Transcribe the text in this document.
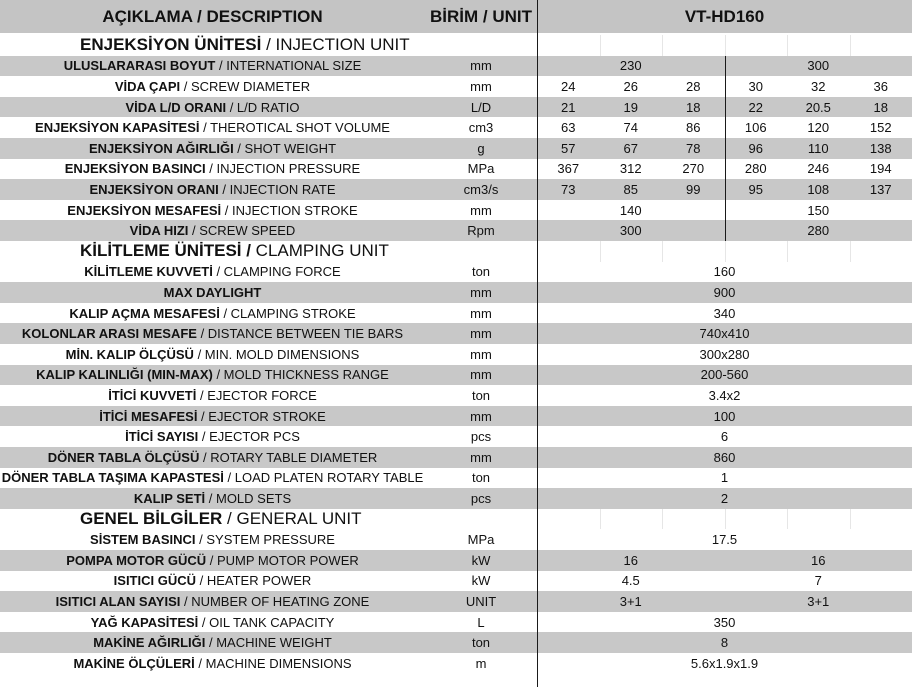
AÇIKLAMA / DESCRIPTION	BİRİM / UNIT	VT-HD160
ENJEKSİYON ÜNİTESİ / INJECTION UNIT
ULUSLARARASI BOYUT / INTERNATIONAL SIZE	mm	230	300
VİDA ÇAPI / SCREW DIAMETER	mm	24	26	28	30	32	36
VİDA L/D ORANI / L/D RATIO	L/D	21	19	18	22	20.5	18
ENJEKSİYON KAPASİTESİ / THEROTICAL SHOT VOLUME	cm3	63	74	86	106	120	152
ENJEKSİYON AĞIRLIĞI / SHOT WEIGHT	g	57	67	78	96	110	138
ENJEKSİYON BASINCI / INJECTION PRESSURE	MPa	367	312	270	280	246	194
ENJEKSİYON ORANI / INJECTION RATE	cm3/s	73	85	99	95	108	137
ENJEKSİYON MESAFESİ / INJECTION STROKE	mm	140	150
VİDA HIZI / SCREW SPEED	Rpm	300	280
KİLİTLEME ÜNİTESİ / CLAMPING UNIT
KİLİTLEME KUVVETİ / CLAMPING FORCE	ton	160
MAX DAYLIGHT	mm	900
KALIP AÇMA MESAFESİ / CLAMPING STROKE	mm	340
KOLONLAR ARASI MESAFE / DISTANCE BETWEEN TIE BARS	mm	740x410
MİN. KALIP ÖLÇÜSÜ / MIN. MOLD DIMENSIONS	mm	300x280
KALIP KALINLIĞI (MIN-MAX) / MOLD THICKNESS RANGE	mm	200-560
İTİCİ KUVVETİ / EJECTOR FORCE	ton	3.4x2
İTİCİ MESAFESİ / EJECTOR STROKE	mm	100
İTİCİ SAYISI / EJECTOR PCS	pcs	6
DÖNER TABLA ÖLÇÜSÜ / ROTARY TABLE DIAMETER	mm	860
DÖNER TABLA TAŞIMA KAPASTESİ / LOAD PLATEN ROTARY TABLE	ton	1
KALIP SETİ / MOLD SETS	pcs	2
GENEL BİLGİLER / GENERAL UNIT
SİSTEM BASINCI / SYSTEM PRESSURE	MPa	17.5
POMPA MOTOR GÜCÜ / PUMP MOTOR POWER	kW	16	16
ISITICI GÜCÜ / HEATER POWER	kW	4.5	7
ISITICI ALAN SAYISI / NUMBER OF HEATING ZONE	UNIT	3+1	3+1
YAĞ KAPASİTESİ / OIL TANK CAPACITY	L	350
MAKİNE AĞIRLIĞI / MACHINE WEIGHT	ton	8
MAKİNE ÖLÇÜLERİ / MACHINE DIMENSIONS	m	5.6x1.9x1.9
